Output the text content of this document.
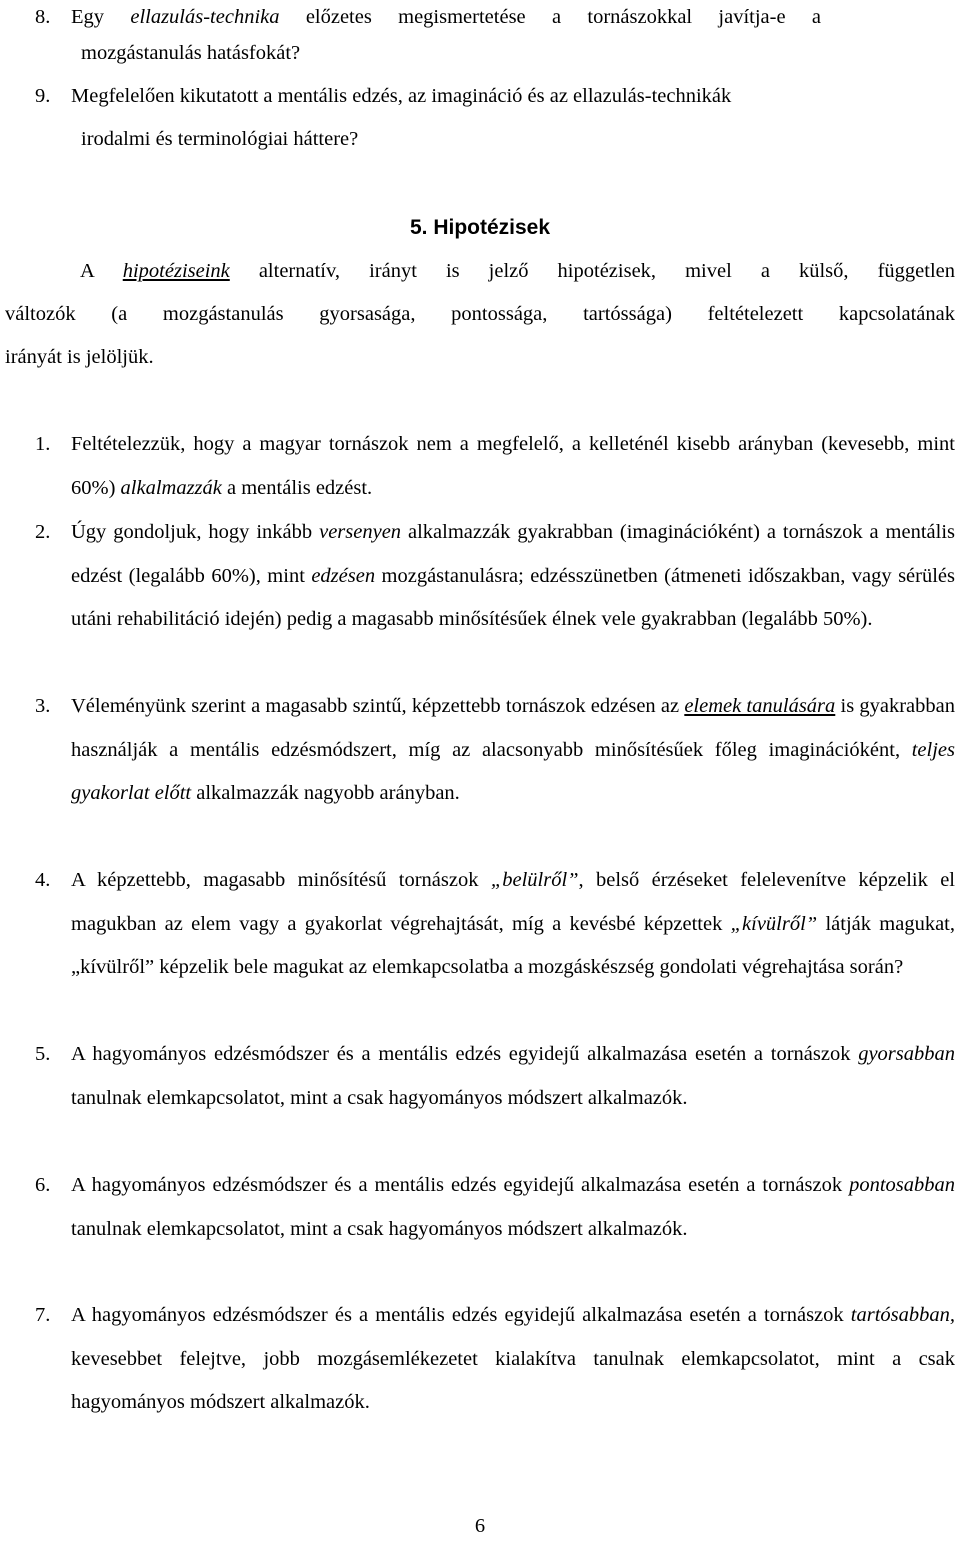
8.	Egy ellazulás-technika előzetes megismertetése a tornászokkal javítja-e a
mozgástanulás hatásfokát?
9.	Megfelelően kikutatott a mentális edzés, az imagináció és az ellazulás-technikák
irodalmi és terminológiai háttere?
5. Hipotézisek
A hipotéziseink alternatív, irányt is jelző hipotézisek, mivel a külső, független
változók (a mozgástanulás gyorsasága, pontossága, tartóssága) feltételezett kapcsolatának
irányát is jelöljük.
1.	Feltételezzük, hogy a magyar tornászok nem a megfelelő, a kelleténél kisebb arányban (kevesebb, mint 60%) alkalmazzák a mentális edzést.

2.	Úgy gondoljuk, hogy inkább versenyen alkalmazzák gyakrabban (imaginációként) a tornászok a mentális edzést (legalább 60%), mint edzésen mozgástanulásra; edzésszünetben (átmeneti időszakban, vagy sérülés utáni rehabilitáció idején) pedig a magasabb minősítésűek élnek vele gyakrabban (legalább 50%).

3.	Véleményünk szerint a magasabb szintű, képzettebb tornászok edzésen az elemek tanulására is gyakrabban használják a mentális edzésmódszert, míg az alacsonyabb minősítésűek főleg imaginációként, teljes gyakorlat előtt alkalmazzák nagyobb arányban.

4.	A képzettebb, magasabb minősítésű tornászok „belülről”, belső érzéseket felelevenítve képzelik el magukban az elem vagy a gyakorlat végrehajtását, míg a kevésbé képzettek „kívülről” látják magukat, „kívülről” képzelik bele magukat az elemkapcsolatba a mozgáskészség gondolati végrehajtása során?

5.	A hagyományos edzésmódszer és a mentális edzés egyidejű alkalmazása esetén a tornászok gyorsabban tanulnak elemkapcsolatot, mint a csak hagyományos módszert alkalmazók.

6.	A hagyományos edzésmódszer és a mentális edzés egyidejű alkalmazása esetén a tornászok pontosabban tanulnak elemkapcsolatot, mint a csak hagyományos módszert alkalmazók.

7.	A hagyományos edzésmódszer és a mentális edzés egyidejű alkalmazása esetén a tornászok tartósabban, kevesebbet felejtve, jobb mozgásemlékezetet kialakítva tanulnak elemkapcsolatot, mint a csak hagyományos módszert alkalmazók.

6
